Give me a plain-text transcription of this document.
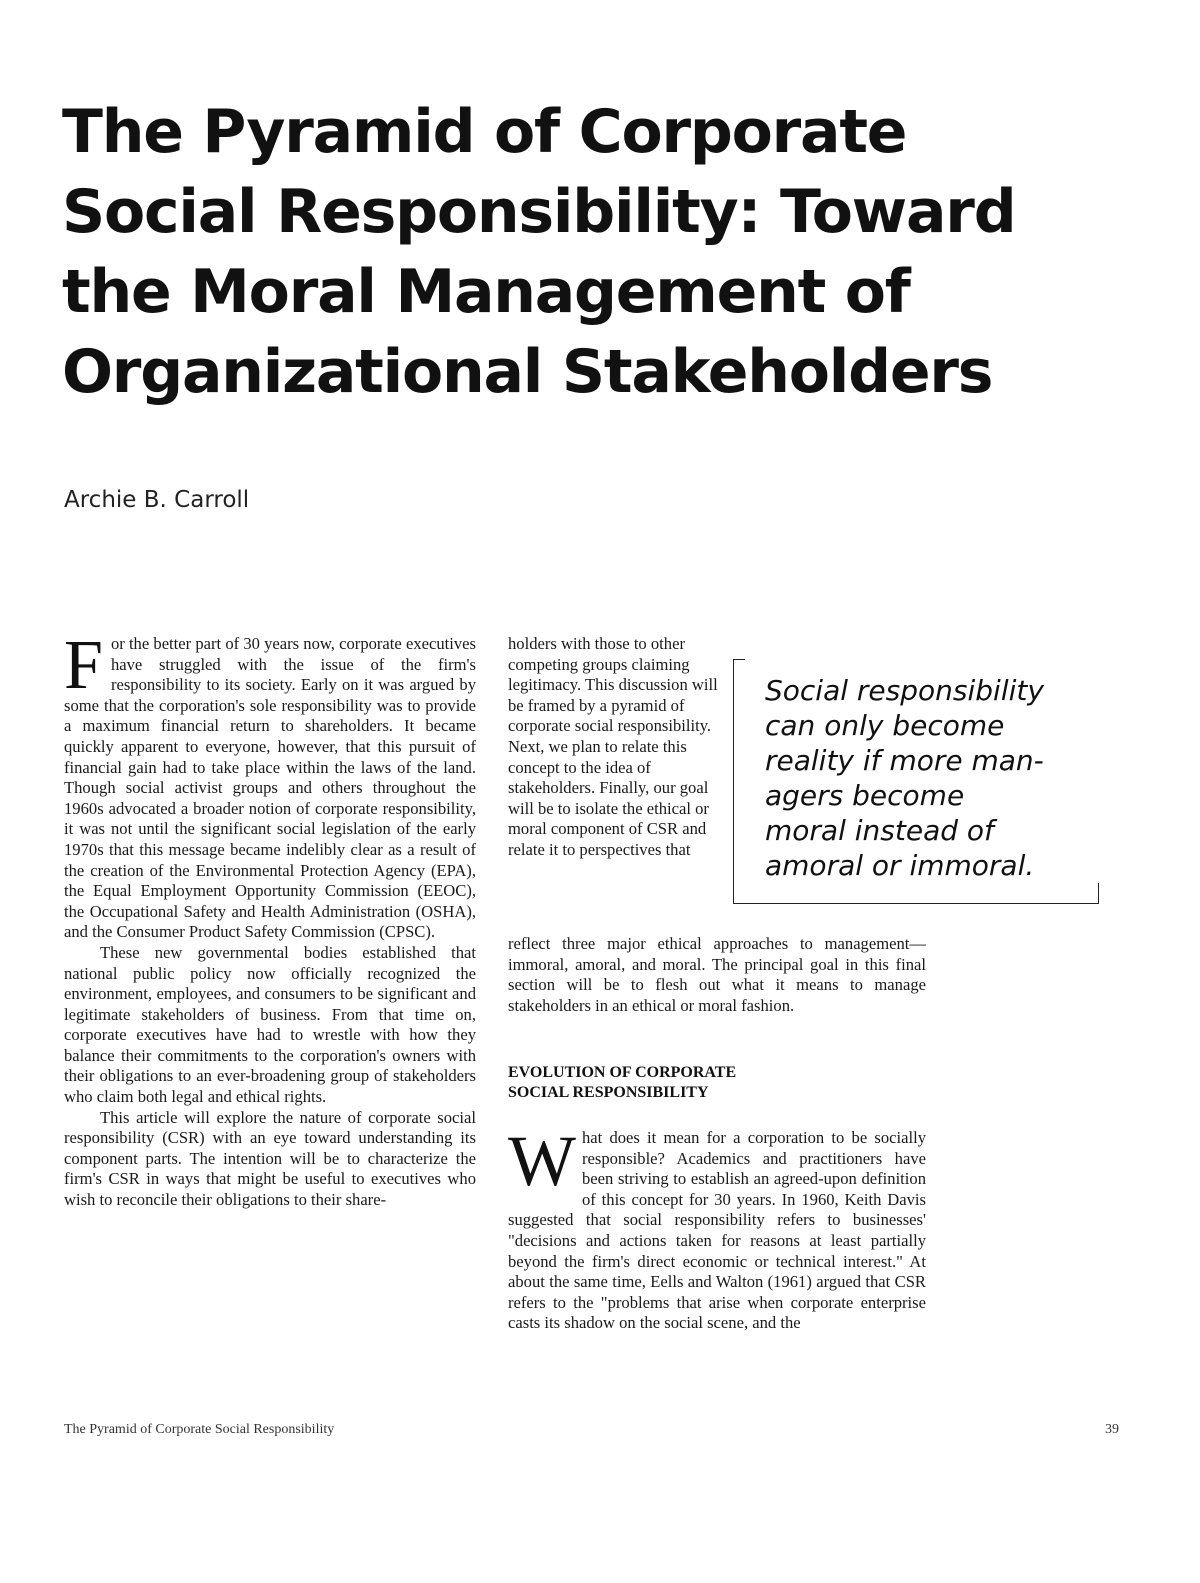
The Pyramid of Corporate
Social Responsibility: Toward
the Moral Management of
Organizational Stakeholders
Archie B. Carroll

For the better part of 30 years now, corporate executives have struggled with the issue of the firm's responsibility to its society. Early on it was argued by some that the corporation's sole responsibility was to provide a maximum financial return to shareholders. It became quickly apparent to everyone, however, that this pursuit of financial gain had to take place within the laws of the land. Though social activist groups and others throughout the 1960s advocated a broader notion of corporate responsibility, it was not until the significant social legislation of the early 1970s that this message became indelibly clear as a result of the creation of the Environmental Protection Agency (EPA), the Equal Employment Opportunity Commission (EEOC), the Occupational Safety and Health Administration (OSHA), and the Consumer Product Safety Commission (CPSC).

These new governmental bodies established that national public policy now officially recognized the environment, employees, and consumers to be significant and legitimate stakeholders of business. From that time on, corporate executives have had to wrestle with how they balance their commitments to the corporation's owners with their obligations to an ever-broadening group of stakeholders who claim both legal and ethical rights.

This article will explore the nature of corporate social responsibility (CSR) with an eye toward understanding its component parts. The intention will be to characterize the firm's CSR in ways that might be useful to executives who wish to reconcile their obligations to their share-

holders with those to other competing groups claiming legitimacy. This discussion will be framed by a pyramid of corporate social responsibility. Next, we plan to relate this concept to the idea of stakeholders. Finally, our goal will be to isolate the ethical or moral component of CSR and relate it to perspectives that

reflect three major ethical approaches to management—immoral, amoral, and moral. The principal goal in this final section will be to flesh out what it means to manage stakeholders in an ethical or moral fashion.

EVOLUTION OF CORPORATE
SOCIAL RESPONSIBILITY

What does it mean for a corporation to be socially responsible? Academics and practitioners have been striving to establish an agreed-upon definition of this concept for 30 years. In 1960, Keith Davis suggested that social responsibility refers to businesses' "decisions and actions taken for reasons at least partially beyond the firm's direct economic or technical interest." At about the same time, Eells and Walton (1961) argued that CSR refers to the "problems that arise when corporate enterprise casts its shadow on the social scene, and the

Social responsibility
can only become
reality if more man-
agers become
moral instead of
amoral or immoral.
The Pyramid of Corporate Social Responsibility	39
